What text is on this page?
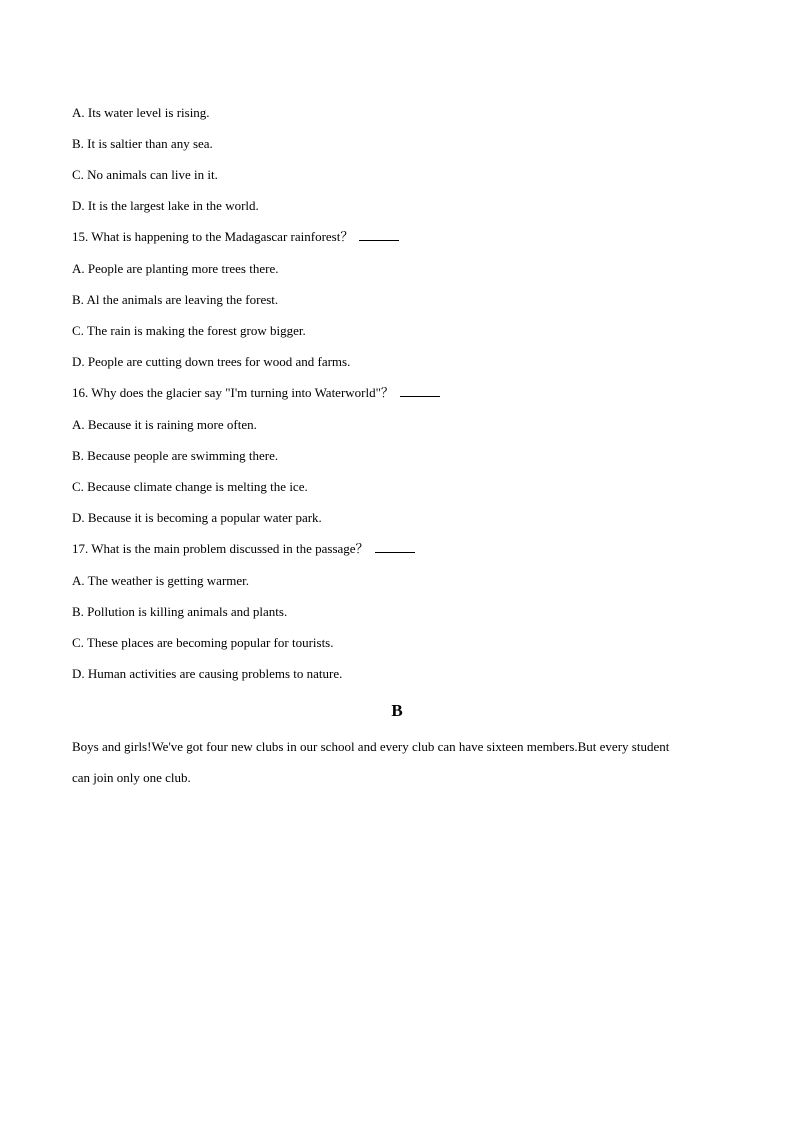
A. Its water level is rising.
B. It is saltier than any sea.
C. No animals can live in it.
D. It is the largest lake in the world.
15. What is happening to the Madagascar rainforest？
A. People are planting more trees there.
B. Al the animals are leaving the forest.
C. The rain is making the forest grow bigger.
D. People are cutting down trees for wood and farms.
16. Why does the glacier say "I'm turning into Waterworld"？
A. Because it is raining more often.
B. Because people are swimming there.
C. Because climate change is melting the ice.
D. Because it is becoming a popular water park.
17. What is the main problem discussed in the passage？
A. The weather is getting warmer.
B. Pollution is killing animals and plants.
C. These places are becoming popular for tourists.
D. Human activities are causing problems to nature.
B
Boys and girls!We've got four new clubs in our school and every club can have sixteen members.But every student
can join only one club.
